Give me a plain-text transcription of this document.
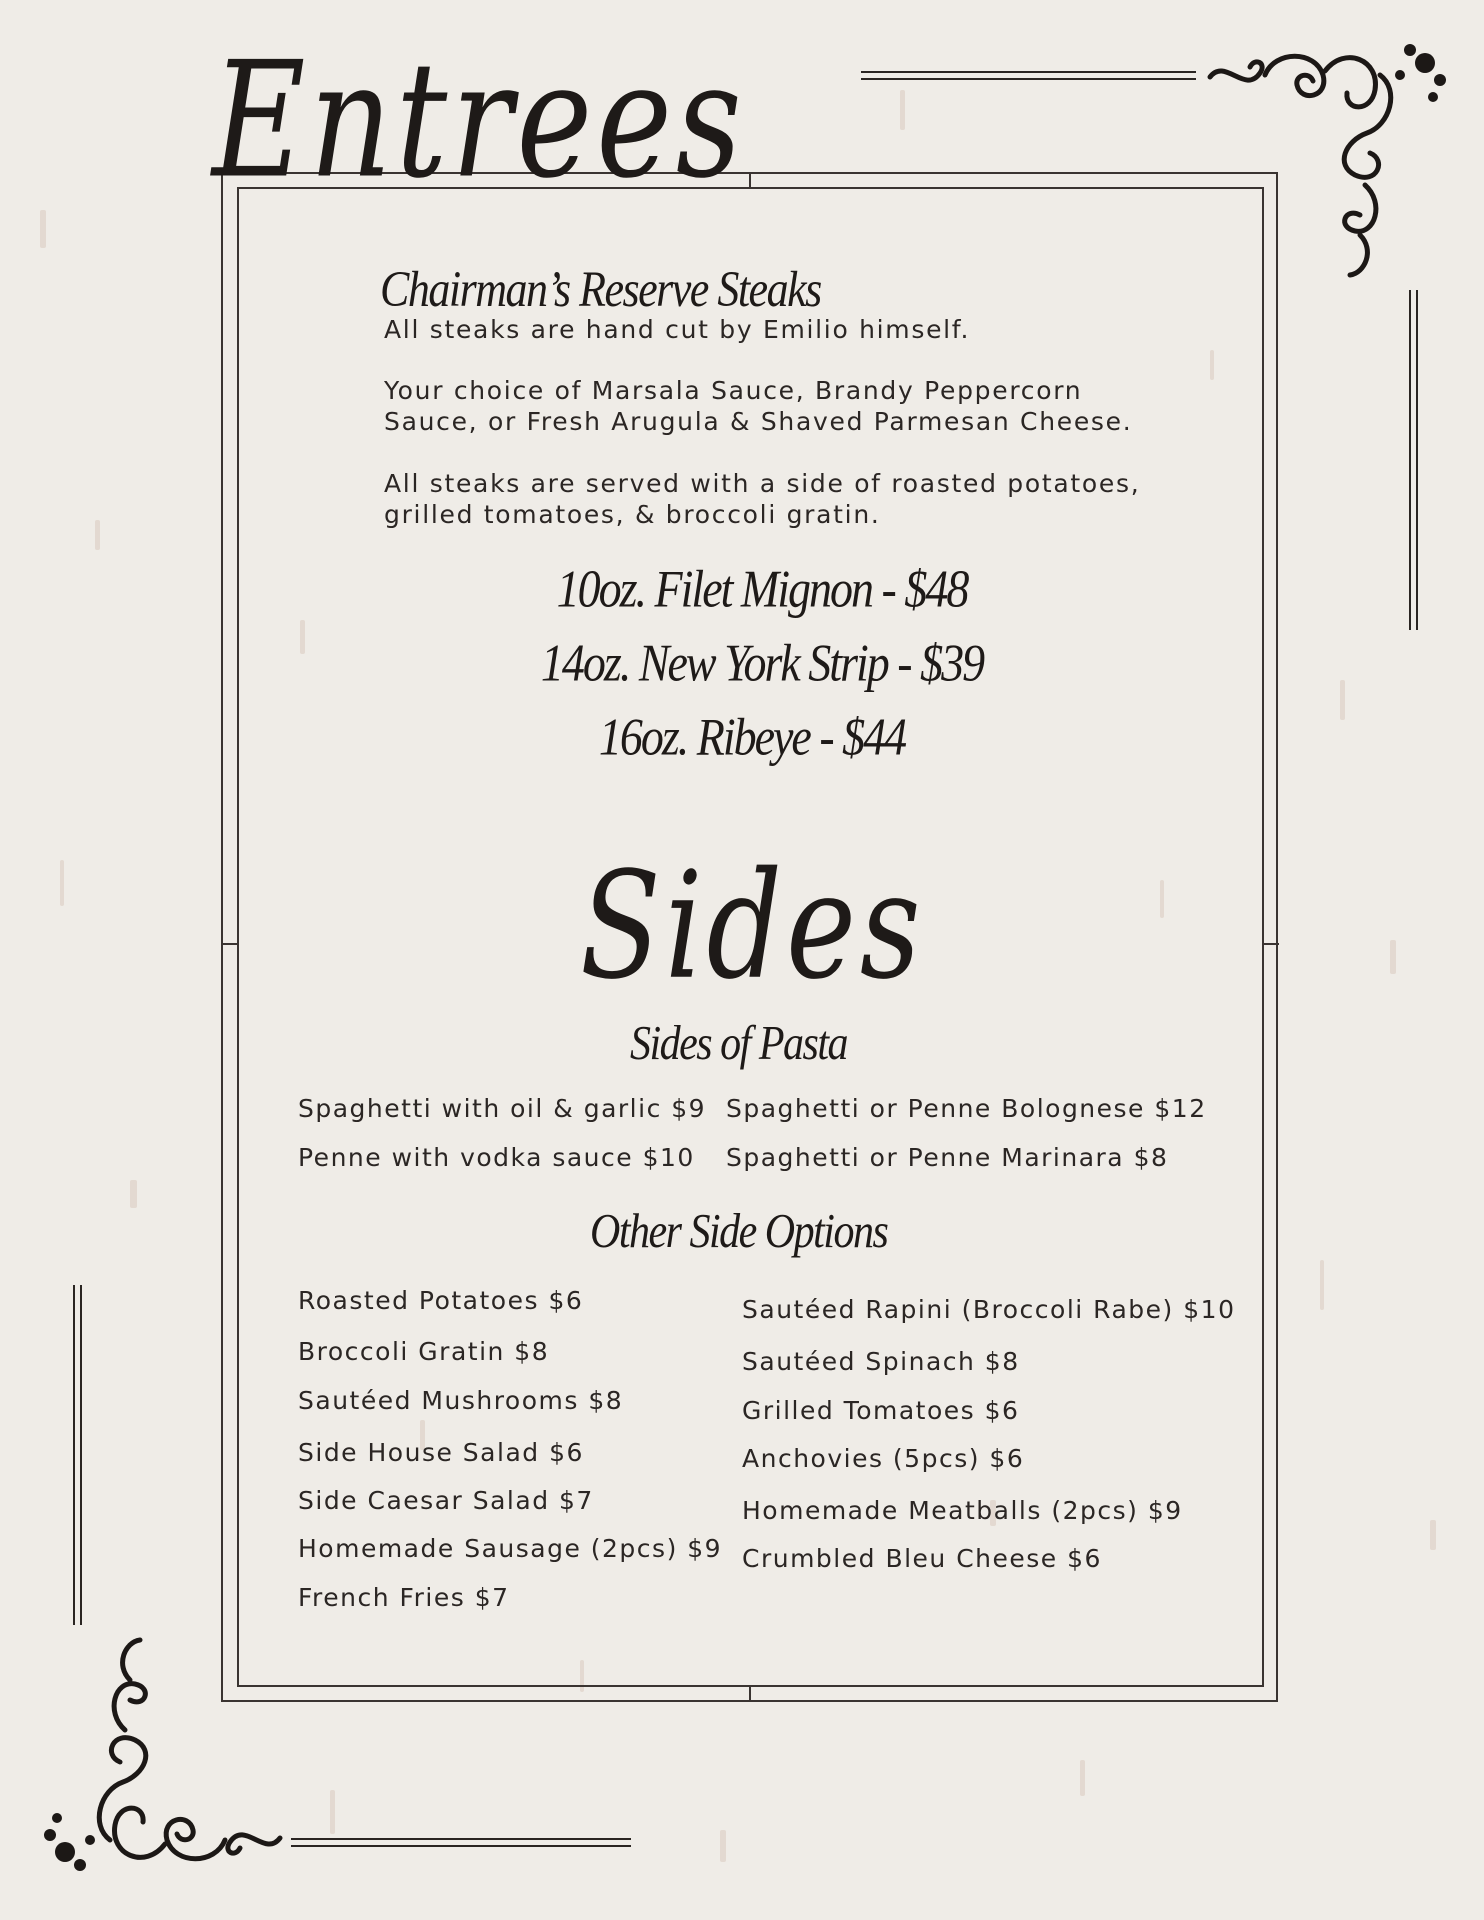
Entrees
Sides
Chairman’s Reserve Steaks
All steaks are hand cut by Emilio himself.
Your choice of Marsala Sauce, Brandy Peppercorn
Sauce, or Fresh Arugula & Shaved Parmesan Cheese.
All steaks are served with a side of roasted potatoes,
grilled tomatoes, & broccoli gratin.
10oz. Filet Mignon - $48
14oz. New York Strip - $39
16oz. Ribeye - $44
Sides of Pasta
Spaghetti with oil & garlic $9
Penne with vodka sauce $10
Spaghetti or Penne Bolognese $12
Spaghetti or Penne Marinara $8
Other Side Options
Roasted Potatoes $6
Broccoli Gratin $8
Sautéed Mushrooms $8
Side House Salad $6
Side Caesar Salad $7
Homemade Sausage (2pcs) $9
French Fries $7
Sautéed Rapini (Broccoli Rabe) $10
Sautéed Spinach $8
Grilled Tomatoes $6
Anchovies (5pcs) $6
Homemade Meatballs (2pcs) $9
Crumbled Bleu Cheese $6
